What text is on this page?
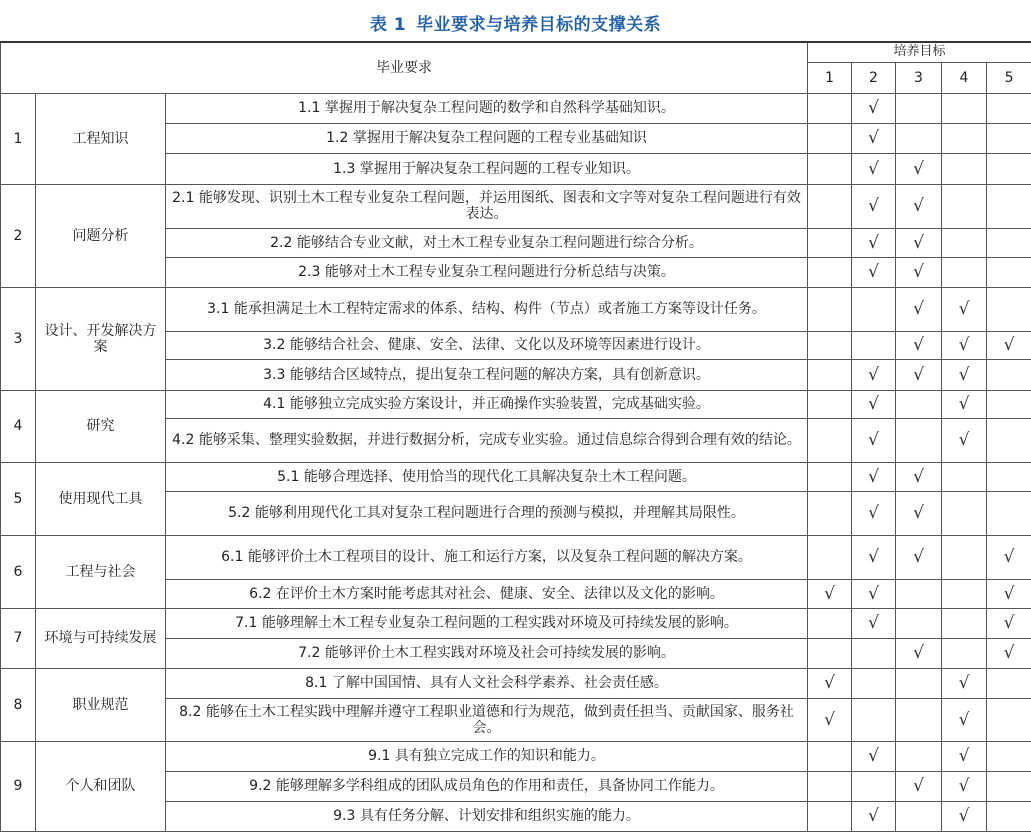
表 1 毕业要求与培养目标的支撑关系
毕业要求			培养目标				
			1	2	3	4	5
1	工程知识	1.1 掌握用于解决复杂工程问题的数学和自然科学基础知识。		√			
		1.2 掌握用于解决复杂工程问题的工程专业基础知识		√			
		1.3 掌握用于解决复杂工程问题的工程专业知识。		√	√		
2	问题分析	2.1 能够发现、识别土木工程专业复杂工程问题，并运用图纸、图表和文字等对复杂工程问题进行有效表达。		√	√		
		2.2 能够结合专业文献，对土木工程专业复杂工程问题进行综合分析。		√	√		
		2.3 能够对土木工程专业复杂工程问题进行分析总结与决策。		√	√		
3	设计、开发解决方案	3.1 能承担满足土木工程特定需求的体系、结构、构件（节点）或者施工方案等设计任务。			√	√	
		3.2 能够结合社会、健康、安全、法律、文化以及环境等因素进行设计。			√	√	√
		3.3 能够结合区域特点，提出复杂工程问题的解决方案，具有创新意识。		√	√	√	
4	研究	4.1 能够独立完成实验方案设计，并正确操作实验装置，完成基础实验。		√		√	
		4.2 能够采集、整理实验数据，并进行数据分析，完成专业实验。通过信息综合得到合理有效的结论。		√		√	
5	使用现代工具	5.1 能够合理选择、使用恰当的现代化工具解决复杂土木工程问题。		√	√		
		5.2 能够利用现代化工具对复杂工程问题进行合理的预测与模拟，并理解其局限性。		√	√		
6	工程与社会	6.1 能够评价土木工程项目的设计、施工和运行方案，以及复杂工程问题的解决方案。		√	√		√
		6.2 在评价土木方案时能考虑其对社会、健康、安全、法律以及文化的影响。	√	√			√
7	环境与可持续发展	7.1 能够理解土木工程专业复杂工程问题的工程实践对环境及可持续发展的影响。		√			√
		7.2 能够评价土木工程实践对环境及社会可持续发展的影响。			√		√
8	职业规范	8.1 了解中国国情、具有人文社会科学素养、社会责任感。	√			√	
		8.2 能够在土木工程实践中理解并遵守工程职业道德和行为规范，做到责任担当、贡献国家、服务社会。	√			√	
9	个人和团队	9.1 具有独立完成工作的知识和能力。		√		√	
		9.2 能够理解多学科组成的团队成员角色的作用和责任，具备协同工作能力。			√	√	
		9.3 具有任务分解、计划安排和组织实施的能力。		√		√	
